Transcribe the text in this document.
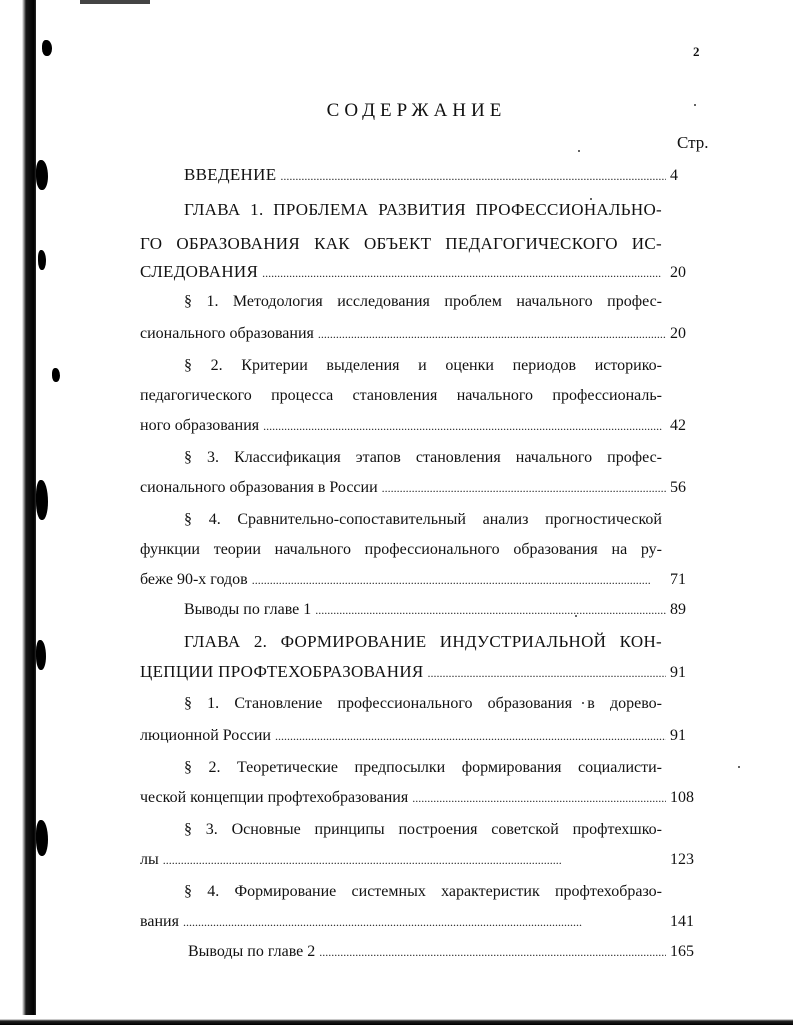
2
СОДЕРЖАНИЕ
Стр.
ВВЕДЕНИЕ . . .	4
ГЛАВА 1. ПРОБЛЕМА РАЗВИТИЯ ПРОФЕССИОНАЛЬНО-
ГО ОБРАЗОВАНИЯ КАК ОБЪЕКТ ПЕДАГОГИЧЕСКОГО ИС-
СЛЕДОВАНИЯ . . .	20
§ 1. Методология исследования проблем начального профес-
сионального образования . . .	20
§ 2. Критерии выделения и оценки периодов историко-
педагогического процесса становления начального профессиональ-
ного образования . . .	42
§ 3. Классификация этапов становления начального профес-
сионального образования в России . . .	56
§ 4. Сравнительно-сопоставительный анализ прогностической
функции теории начального профессионального образования на ру-
беже 90-х годов . . .	71
Выводы по главе 1 . . .	89
ГЛАВА 2. ФОРМИРОВАНИЕ ИНДУСТРИАЛЬНОЙ КОН-
ЦЕПЦИИ ПРОФТЕХОБРАЗОВАНИЯ . . .	91
§ 1. Становление профессионального образования в дорево-
люционной России . . .	91
§ 2. Теоретические предпосылки формирования социалисти-
ческой концепции профтехобразования . . .	108
§ 3. Основные принципы построения советской профтехшко-
лы . . .	123
§ 4. Формирование системных характеристик профтехобразо-
вания . . .	141
Выводы по главе 2 . . .	165
